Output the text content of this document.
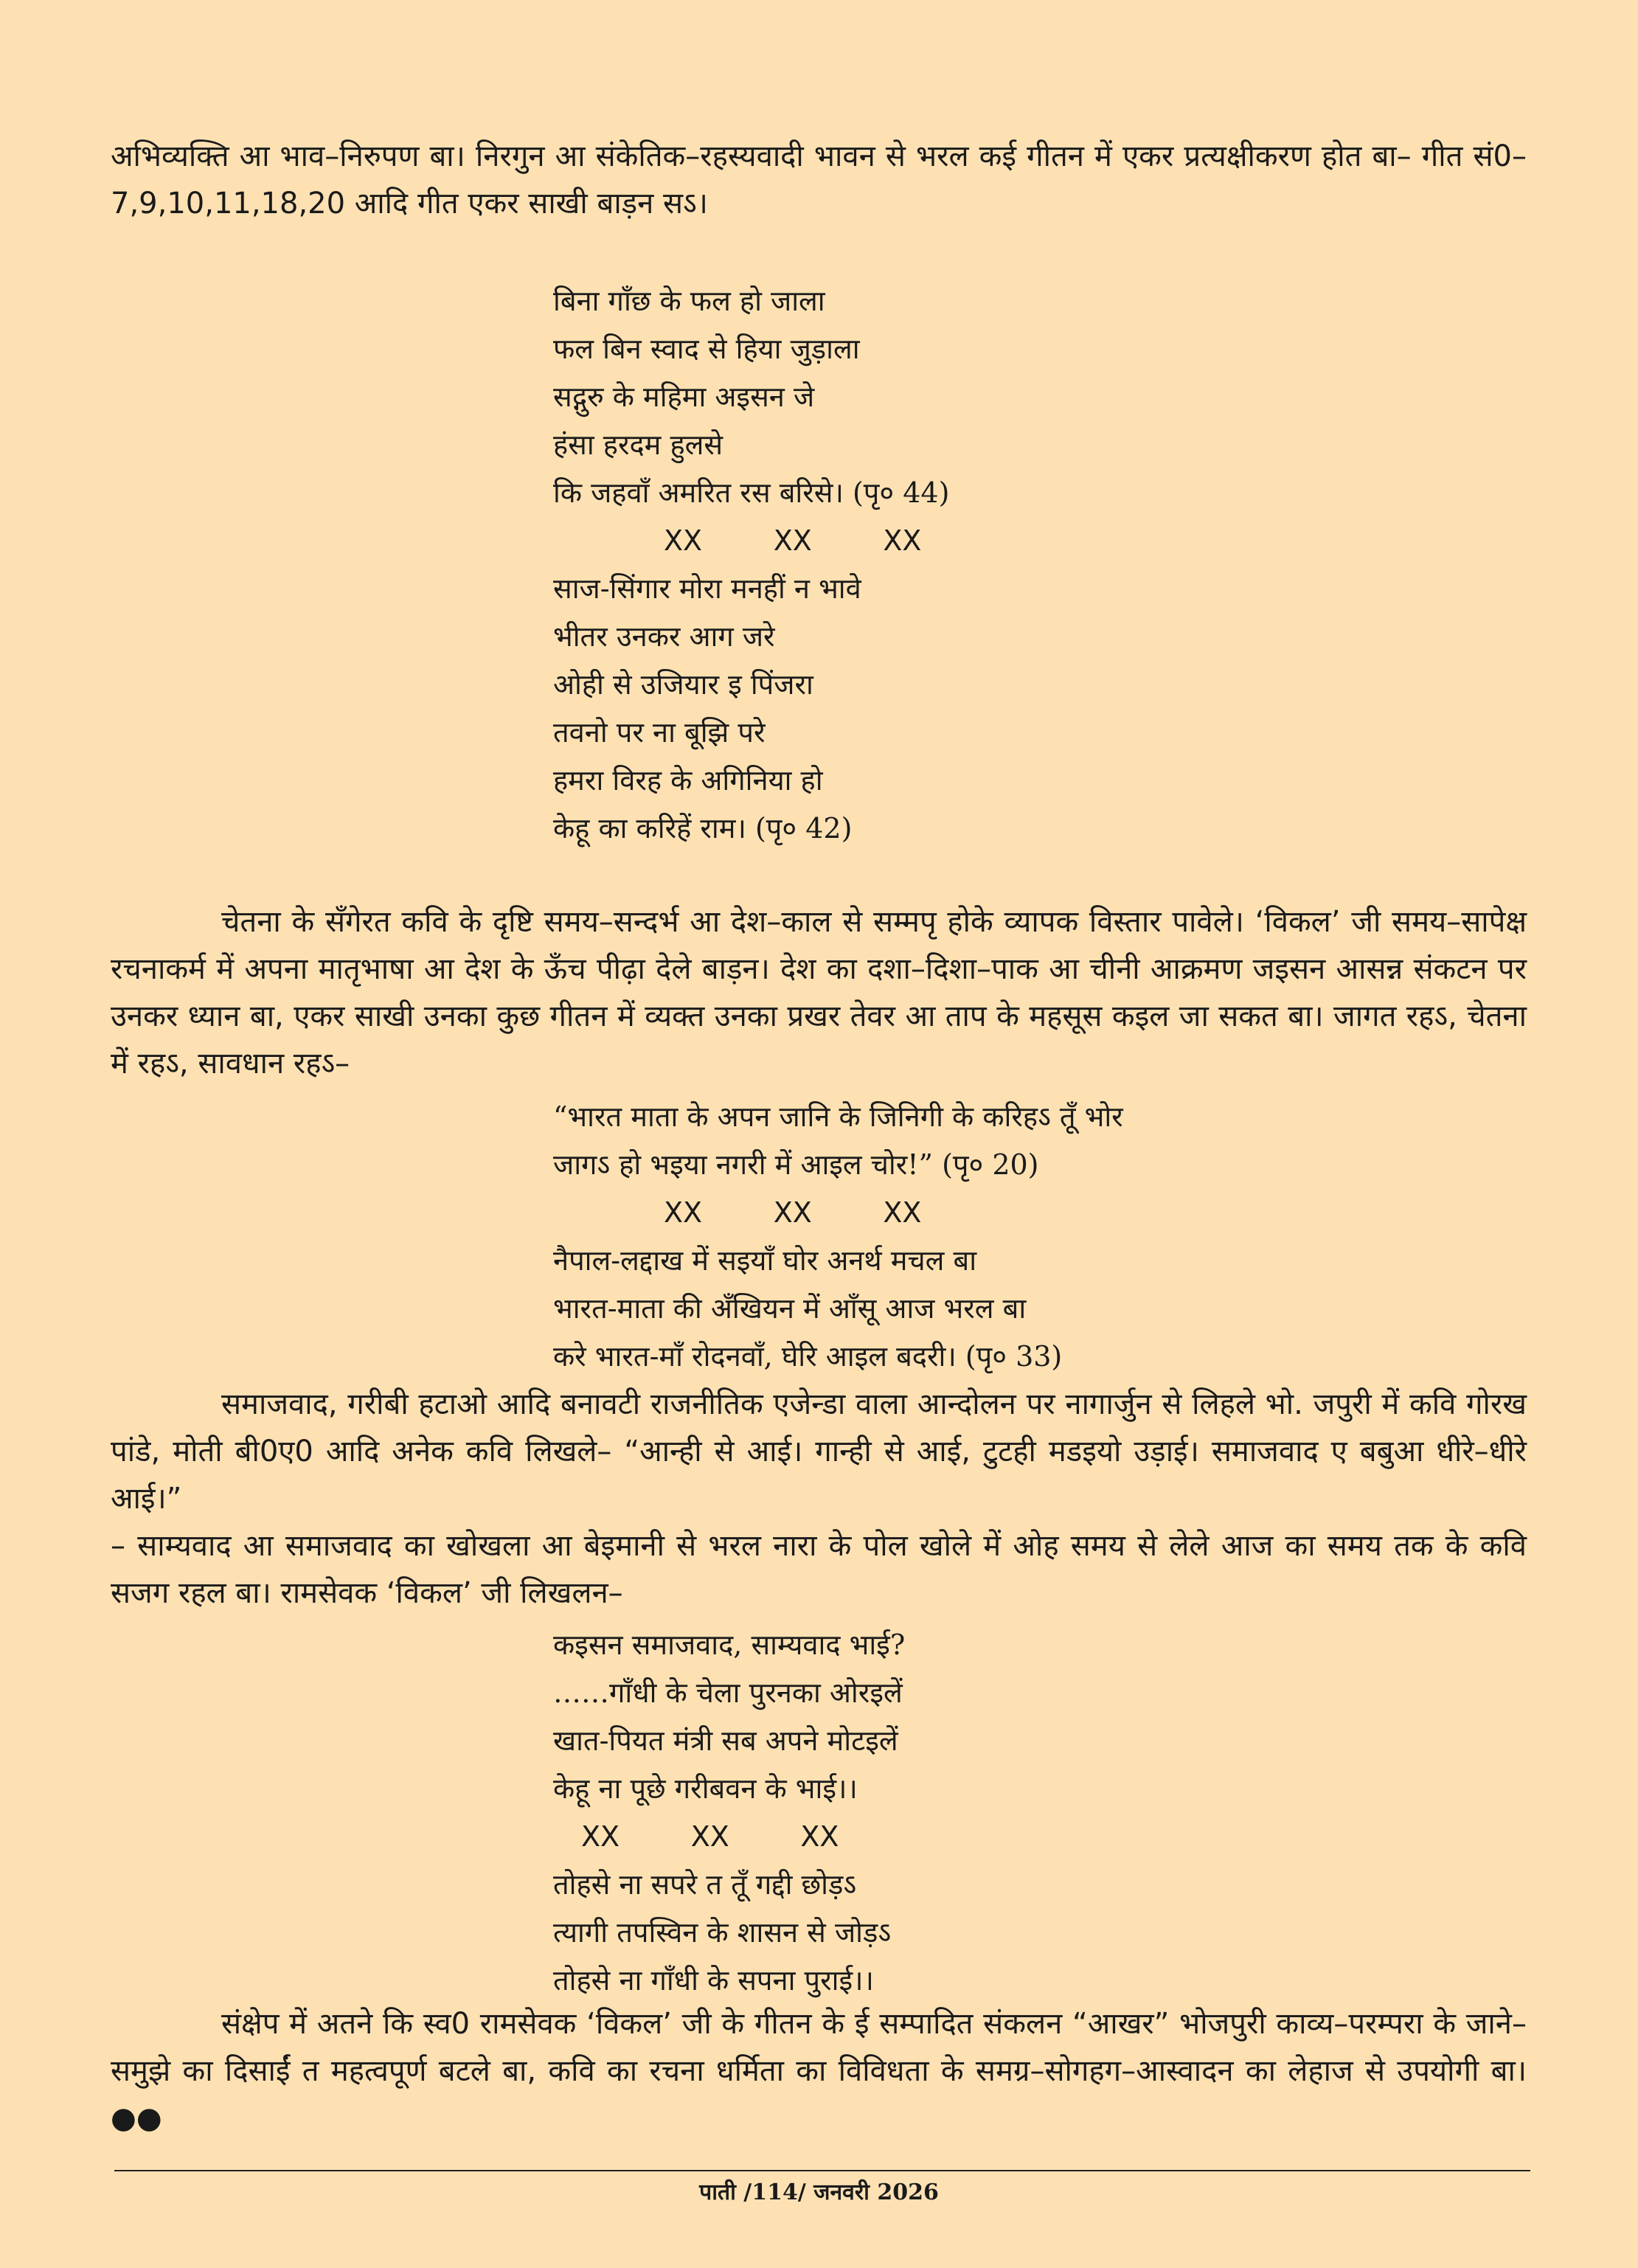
अभिव्यक्ति आ भाव–निरुपण बा। निरगुन आ संकेतिक–रहस्यवादी भावन से भरल कई गीतन में एकर प्रत्यक्षीकरण होत बा– गीत सं0–7,9,10,11,18,20 आदि गीत एकर साखी बाड़न सऽ।

बिना गाँछ के फल हो जाला
फल बिन स्वाद से हिया जुड़ाला
सद्गुरु के महिमा अइसन जे
हंसा हरदम हुलसे
कि जहवाँ अमरित रस बरिसे। (पृ० 44)
XX        XX        XX
साज-सिंगार मोरा मनहीं न भावे
भीतर उनकर आग जरे
ओही से उजियार इ पिंजरा
तवनो पर ना बूझि परे
हमरा विरह के अगिनिया हो
केहू का करिहें राम। (पृ० 42)

चेतना के सँगेरत कवि के दृष्टि समय–सन्दर्भ आ देश–काल से सम्मपृ होके व्यापक विस्तार पावेले। ‘विकल’ जी समय–सापेक्ष रचनाकर्म में अपना मातृभाषा आ देश के ऊँच पीढ़ा देले बाड़न। देश का दशा–दिशा–पाक आ चीनी आक्रमण जइसन आसन्न संकटन पर उनकर ध्यान बा, एकर साखी उनका कुछ गीतन में व्यक्त उनका प्रखर तेवर आ ताप के महसूस कइल जा सकत बा। जागत रहऽ, चेतना में रहऽ, सावधान रहऽ–

“भारत माता के अपन जानि के जिनिगी के करिहऽ तूँ भोर
जागऽ हो भइया नगरी में आइल चोर!” (पृ० 20)
XX        XX        XX
नैपाल-लद्दाख में सइयाँ घोर अनर्थ मचल बा
भारत-माता की अँखियन में आँसू आज भरल बा
करे भारत-माँ रोदनवाँ, घेरि आइल बदरी। (पृ० 33)

समाजवाद, गरीबी हटाओ आदि बनावटी राजनीतिक एजेन्डा वाला आन्दोलन पर नागार्जुन से लिहले भो. जपुरी में कवि गोरख पांडे, मोती बी0ए0 आदि अनेक कवि लिखले– “आन्ही से आई। गान्ही से आई, टुटही मडइयो उड़ाई। समाजवाद ए बबुआ धीरे–धीरे आई।”

– साम्यवाद आ समाजवाद का खोखला आ बेइमानी से भरल नारा के पोल खोले में ओह समय से लेले आज का समय तक के कवि सजग रहल बा। रामसेवक ‘विकल’ जी लिखलन–

कइसन समाजवाद, साम्यवाद भाई?
……गाँधी के चेला पुरनका ओरइलें
खात-पियत मंत्री सब अपने मोटइलें
केहू ना पूछे गरीबवन के भाई।।
XX        XX        XX
तोहसे ना सपरे त तूँ गद्दी छोड़ऽ
त्यागी तपस्विन के शासन से जोड़ऽ
तोहसे ना गाँधी के सपना पुराई।।

संक्षेप में अतने कि स्व0 रामसेवक ‘विकल’ जी के गीतन के ई सम्पादित संकलन “आखर” भोजपुरी काव्य–परम्परा के जाने–समुझे का दिसाईं त महत्वपूर्ण बटले बा, कवि का रचना धर्मिता का विविधता के समग्र–सोगहग–आस्वादन का लेहाज से उपयोगी बा।●●

पाती /114/ जनवरी 2026
